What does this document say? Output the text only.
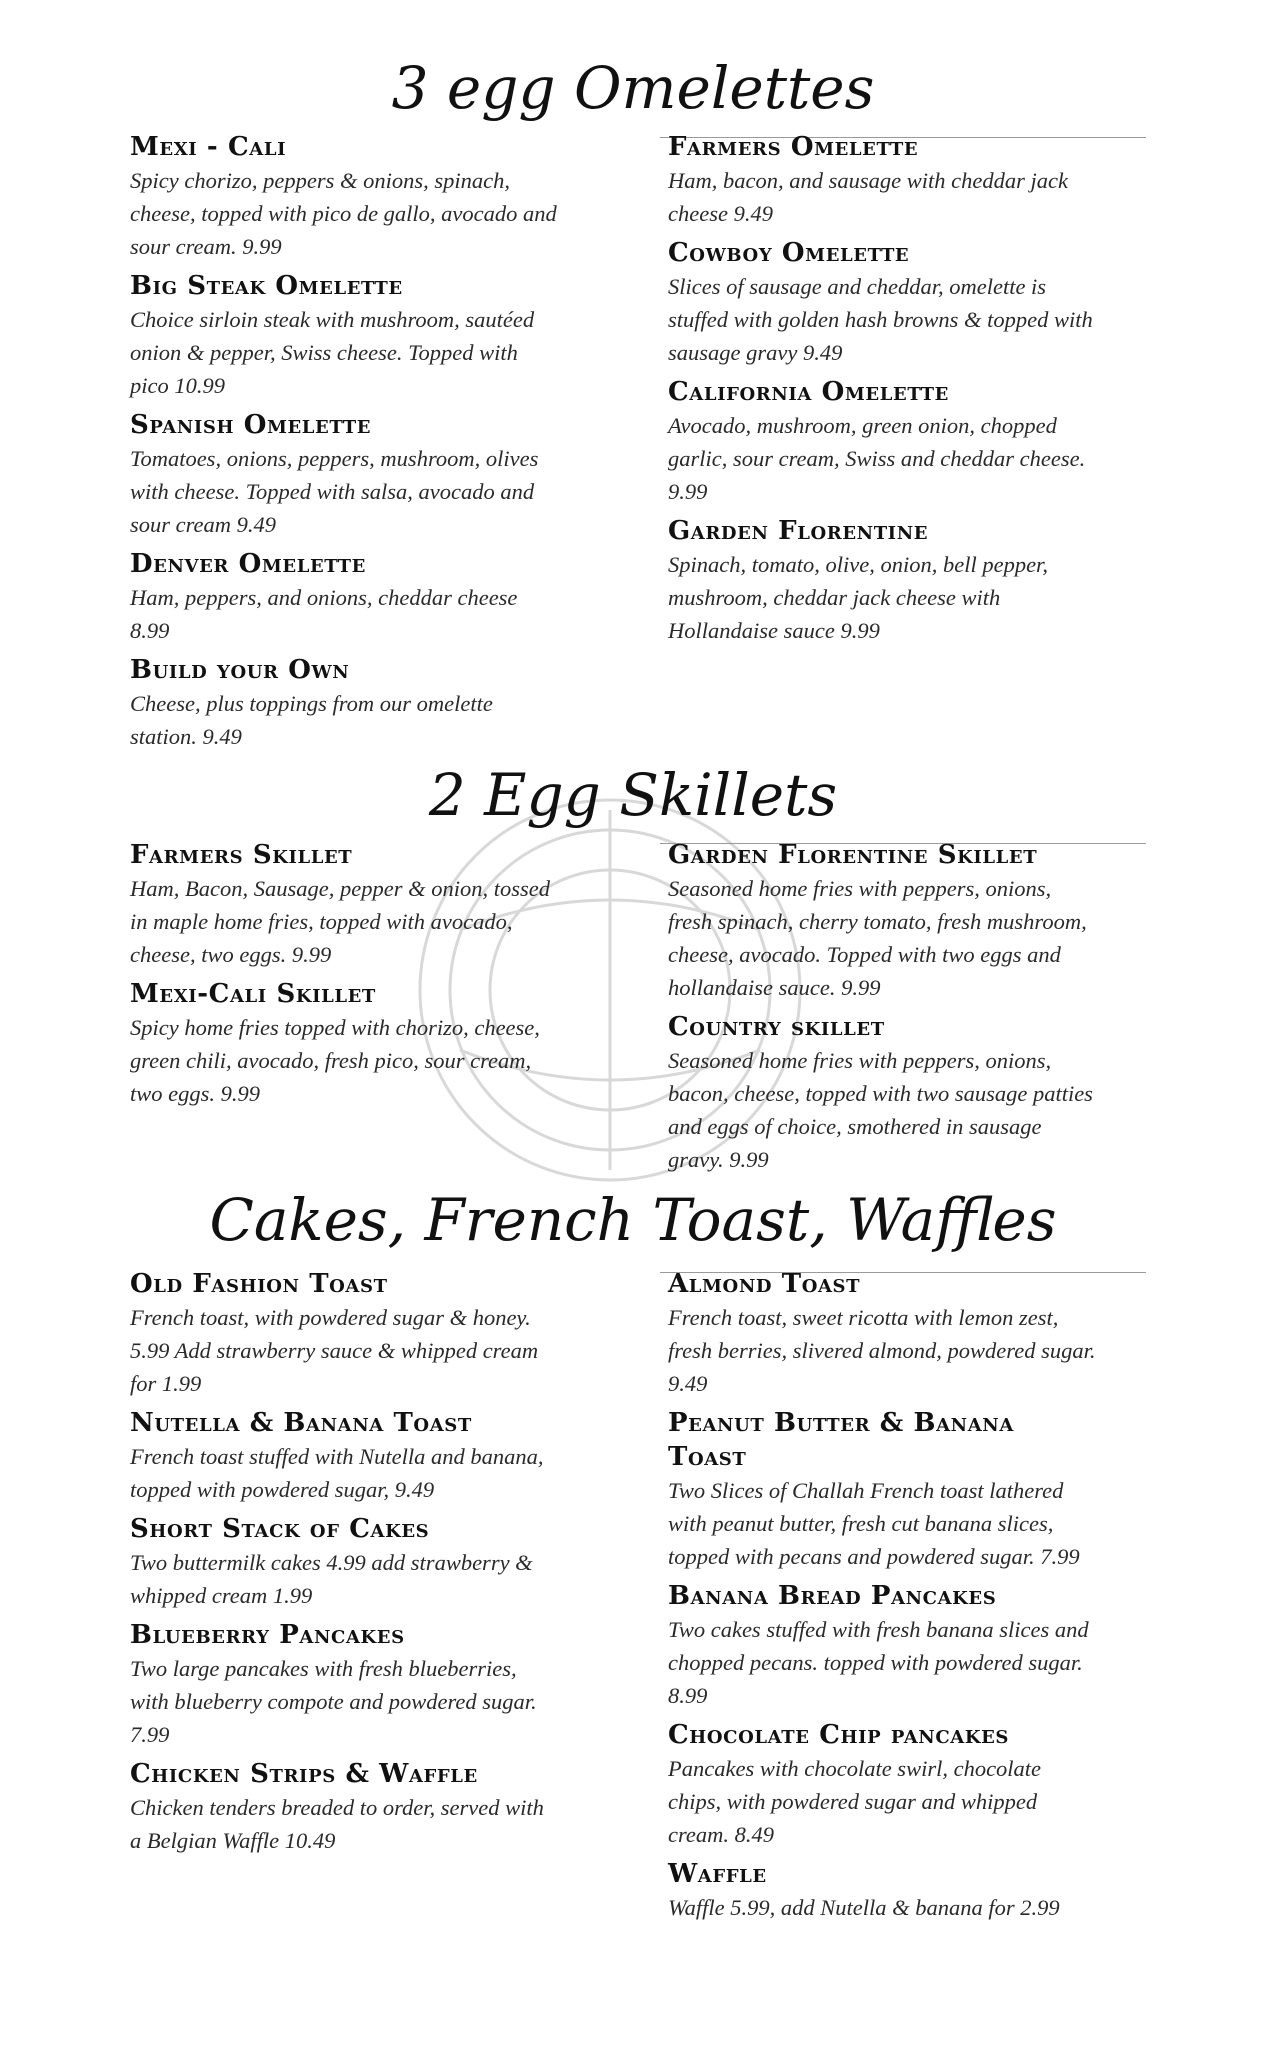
3 egg Omelettes
Mexi - Cali
Spicy chorizo, peppers & onions, spinach, cheese, topped with pico de gallo, avocado and sour cream. 9.99
Big Steak Omelette
Choice sirloin steak with mushroom, sautéed onion & pepper, Swiss cheese. Topped with pico 10.99
Spanish Omelette
Tomatoes, onions, peppers, mushroom, olives with cheese. Topped with salsa, avocado and sour cream 9.49
Denver Omelette
Ham, peppers, and onions, cheddar cheese 8.99
Build your Own
Cheese, plus toppings from our omelette station. 9.49
Farmers Omelette
Ham, bacon, and sausage with cheddar jack cheese 9.49
Cowboy Omelette
Slices of sausage and cheddar, omelette is stuffed with golden hash browns & topped with sausage gravy 9.49
California Omelette
Avocado, mushroom, green onion, chopped garlic, sour cream, Swiss and cheddar cheese. 9.99
Garden Florentine
Spinach, tomato, olive, onion, bell pepper, mushroom, cheddar jack cheese with Hollandaise sauce 9.99
2 Egg Skillets
Farmers Skillet
Ham, Bacon, Sausage, pepper & onion, tossed in maple home fries, topped with avocado, cheese, two eggs. 9.99
Mexi-Cali Skillet
Spicy home fries topped with chorizo, cheese, green chili, avocado, fresh pico, sour cream, two eggs. 9.99
Garden Florentine Skillet
Seasoned home fries with peppers, onions, fresh spinach, cherry tomato, fresh mushroom, cheese, avocado. Topped with two eggs and hollandaise sauce. 9.99
Country skillet
Seasoned home fries with peppers, onions, bacon, cheese, topped with two sausage patties and eggs of choice, smothered in sausage gravy. 9.99
Cakes, French Toast, Waffles
Old Fashion Toast
French toast, with powdered sugar & honey. 5.99 Add strawberry sauce & whipped cream for 1.99
Nutella & Banana Toast
French toast stuffed with Nutella and banana, topped with powdered sugar, 9.49
Short Stack of Cakes
Two buttermilk cakes 4.99 add strawberry & whipped cream 1.99
Blueberry Pancakes
Two large pancakes with fresh blueberries, with blueberry compote and powdered sugar. 7.99
Chicken Strips & Waffle
Chicken tenders breaded to order, served with a Belgian Waffle 10.49
Almond Toast
French toast, sweet ricotta with lemon zest, fresh berries, slivered almond, powdered sugar. 9.49
Peanut Butter & Banana Toast
Two Slices of Challah French toast lathered with peanut butter, fresh cut banana slices, topped with pecans and powdered sugar. 7.99
Banana Bread Pancakes
Two cakes stuffed with fresh banana slices and chopped pecans. topped with powdered sugar. 8.99
Chocolate Chip pancakes
Pancakes with chocolate swirl, chocolate chips, with powdered sugar and whipped cream. 8.49
Waffle
Waffle 5.99, add Nutella & banana for 2.99
